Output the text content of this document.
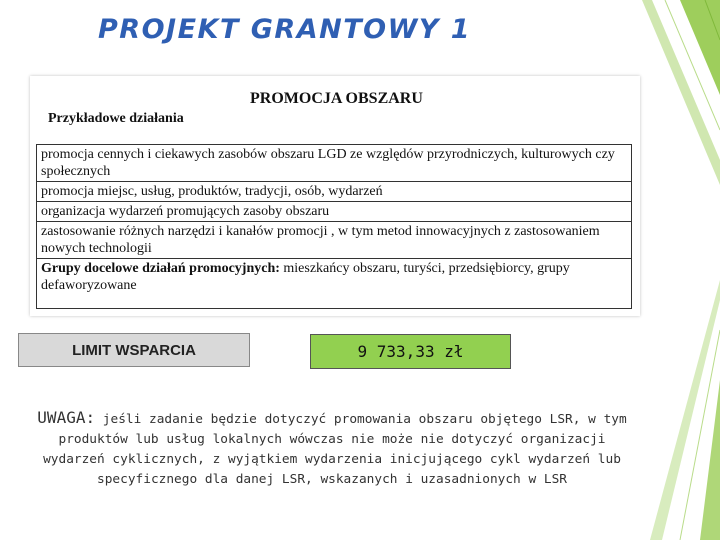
PROJEKT GRANTOWY 1
PROMOCJA OBSZARU
Przykładowe działania
promocja cennych i ciekawych zasobów obszaru LGD ze względów przyrodniczych, kulturowych czy społecznych
promocja miejsc, usług, produktów, tradycji, osób, wydarzeń
organizacja wydarzeń promujących zasoby obszaru
zastosowanie różnych narzędzi i kanałów promocji , w tym metod innowacyjnych z zastosowaniem nowych technologii
Grupy docelowe działań promocyjnych: mieszkańcy obszaru, turyści, przedsiębiorcy, grupy defaworyzowane
LIMIT WSPARCIA	9 733,33 zł
UWAGA: jeśli zadanie będzie dotyczyć promowania obszaru objętego LSR, w tym produktów lub usług lokalnych wówczas nie może nie dotyczyć organizacji wydarzeń cyklicznych, z wyjątkiem wydarzenia inicjującego cykl wydarzeń lub specyficznego dla danej LSR, wskazanych i uzasadnionych w LSR
